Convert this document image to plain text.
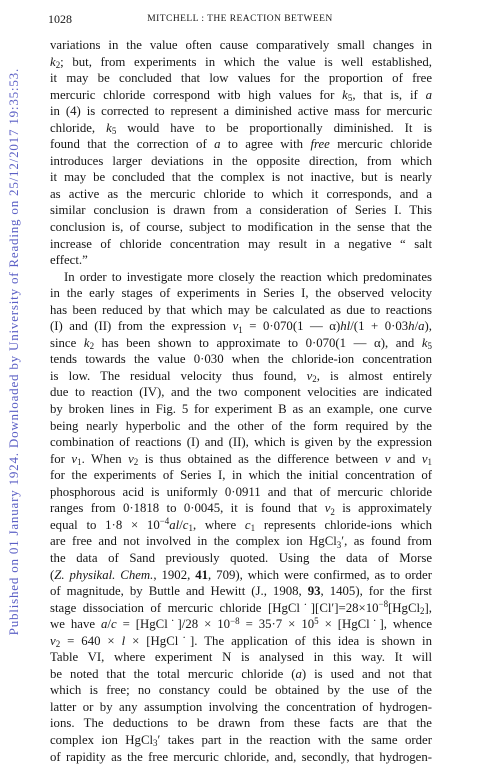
1028	MITCHELL : THE REACTION BETWEEN
Published on 01 January 1924. Downloaded by University of Reading on 25/12/2017 19:35:53.
variations in the value often cause comparatively small changes in
k2; but, from experiments in which the value is well established,
it may be concluded that low values for the proportion of free
mercuric chloride correspond witb high values for k5, that is, if a
in (4) is corrected to represent a diminished active mass for mercuric
chloride, k5 would have to be proportionally diminished. It is
found that the correction of a to agree with free mercuric chloride
introduces larger deviations in the opposite direction, from which
it may be concluded that the complex is not inactive, but is nearly
as active as the mercuric chloride to which it corresponds, and a
similar conclusion is drawn from a consideration of Series I. This
conclusion is, of course, subject to modification in the sense that the
increase of chloride concentration may result in a negative “ salt
effect.”
In order to investigate more closely the reaction which predominates
in the early stages of experiments in Series I, the observed velocity
has been reduced by that which may be calculated as due to reactions
(I) and (II) from the expression v1 = 0·070(1 — α)hl/(1 + 0·03h/a),
since k2 has been shown to approximate to 0·070(1 — α), and k5
tends towards the value 0·030 when the chloride-ion concentration
is low. The residual velocity thus found, v2, is almost entirely
due to reaction (IV), and the two component velocities are indicated
by broken lines in Fig. 5 for experiment B as an example, one curve
being nearly hyperbolic and the other of the form required by the
combination of reactions (I) and (II), which is given by the expression
for v1. When v2 is thus obtained as the difference between v and v1
for the experiments of Series I, in which the initial concentration of
phosphorous acid is uniformly 0·0911 and that of mercuric chloride
ranges from 0·1818 to 0·0045, it is found that v2 is approximately
equal to $1\cdot 8 \times 10^{-4}al/c1$, where c1 represents chloride-ions which
are free and not involved in the complex ion HgCl3′, as found from
the data of Sand previously quoted. Using the data of Morse
(Z. physikal. Chem., 1902, 41, 709), which were confirmed, as to order
of magnitude, by Buttle and Hewitt (J., 1908, 93, 1405), for the first
stage dissociation of mercuric chloride $[HgCl˙][Cl']=28\times 10^{-8}[HgCl2]$,
we have a/c = [HgCl˙]/28 × $10^{-8} = 35\cdot 7 \times 10^5$ × [HgCl˙], whence
v2 = 640 × l × [HgCl˙]. The application of this idea is shown in
Table VI, where experiment N is analysed in this way. It will
be noted that the total mercuric chloride (a) is used and not that
which is free; no constancy could be obtained by the use of the
latter or by any assumption involving the concentration of hydrogen-
ions. The deductions to be drawn from these facts are that the
complex ion HgCl3′ takes part in the reaction with the same order
of rapidity as the free mercuric chloride, and, secondly, that hydrogen-
